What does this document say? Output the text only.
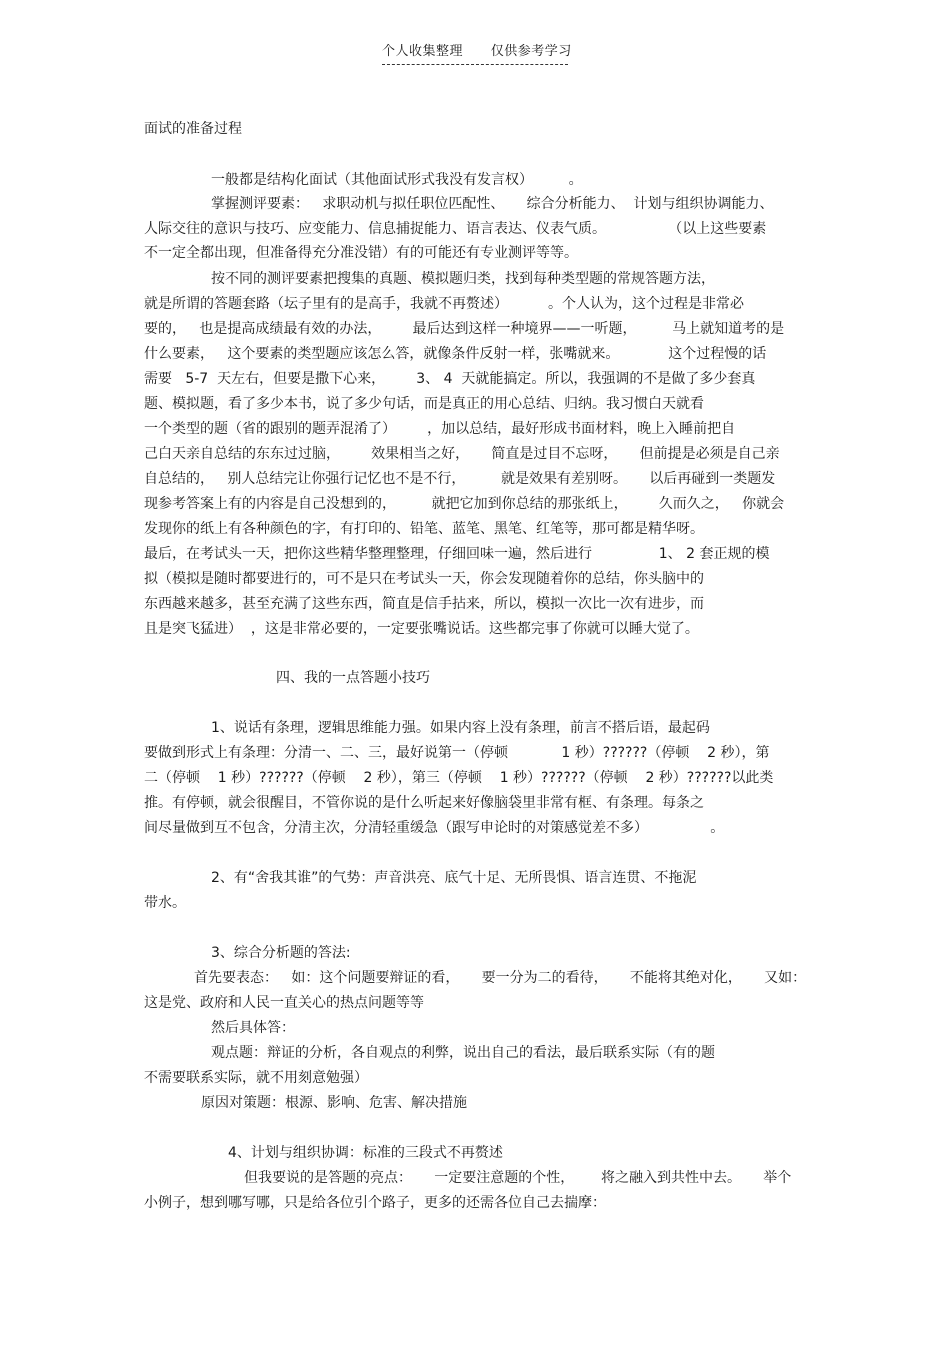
个人收集整理      仅供参考学习
面试的准备过程
一般都是结构化面试（其他面试形式我没有发言权）        。
掌握测评要素：   求职动机与拟任职位匹配性、     综合分析能力、  计划与组织协调能力、
人际交往的意识与技巧、应变能力、信息捕捉能力、语言表达、仪表气质。              （以上这些要素
不一定全都出现，但准备得充分准没错）有的可能还有专业测评等等。
按不同的测评要素把搜集的真题、模拟题归类，找到每种类型题的常规答题方法，
就是所谓的答题套路（坛子里有的是高手，我就不再赘述）         。个人认为，这个过程是非常必
要的，   也是提高成绩最有效的办法，       最后达到这样一种境界——一听题，        马上就知道考的是
什么要素，   这个要素的类型题应该怎么答，就像条件反射一样，张嘴就来。           这个过程慢的话
需要   5-7  天左右，但要是撒下心来，       3、 4  天就能搞定。所以，我强调的不是做了多少套真
题、模拟题，看了多少本书，说了多少句话，而是真正的用心总结、归纳。我习惯白天就看
一个类型的题（省的跟别的题弄混淆了）       ，加以总结，最好形成书面材料，晚上入睡前把自
己白天亲自总结的东东过过脑，       效果相当之好，     简直是过目不忘呀，     但前提是必须是自己亲
自总结的，   别人总结完让你强行记忆也不是不行，        就是效果有差别呀。     以后再碰到一类题发
现参考答案上有的内容是自己没想到的，        就把它加到你总结的那张纸上，       久而久之，   你就会
发现你的纸上有各种颜色的字，有打印的、铅笔、蓝笔、黑笔、红笔等，那可都是精华呀。
最后，在考试头一天，把你这些精华整理整理，仔细回味一遍，然后进行               1、 2 套正规的模
拟（模拟是随时都要进行的，可不是只在考试头一天，你会发现随着你的总结，你头脑中的
东西越来越多，甚至充满了这些东西，简直是信手拈来，所以，模拟一次比一次有进步，而
且是突飞猛进）  ，这是非常必要的，一定要张嘴说话。这些都完事了你就可以睡大觉了。
四、我的一点答题小技巧
1、说话有条理，逻辑思维能力强。如果内容上没有条理，前言不搭后语，最起码
要做到形式上有条理：分清一、二、三，最好说第一（停顿            1 秒）??????（停顿    2 秒），第
二（停顿    1 秒）??????（停顿    2 秒），第三（停顿    1 秒）??????（停顿    2 秒）??????以此类
推。有停顿，就会很醒目，不管你说的是什么听起来好像脑袋里非常有框、有条理。每条之
间尽量做到互不包含，分清主次，分清轻重缓急（跟写申论时的对策感觉差不多）              。
2、有“舍我其谁”的气势：声音洪亮、底气十足、无所畏惧、语言连贯、不拖泥
带水。
3、综合分析题的答法:
首先要表态：   如：这个问题要辩证的看，     要一分为二的看待，     不能将其绝对化，     又如：
这是党、政府和人民一直关心的热点问题等等
然后具体答：
观点题：辩证的分析，各自观点的利弊，说出自己的看法，最后联系实际（有的题
不需要联系实际，就不用刻意勉强）
原因对策题：根源、影响、危害、解决措施
4、计划与组织协调：标准的三段式不再赘述
但我要说的是答题的亮点：     一定要注意题的个性，      将之融入到共性中去。     举个
小例子，想到哪写哪，只是给各位引个路子，更多的还需各位自己去揣摩：
